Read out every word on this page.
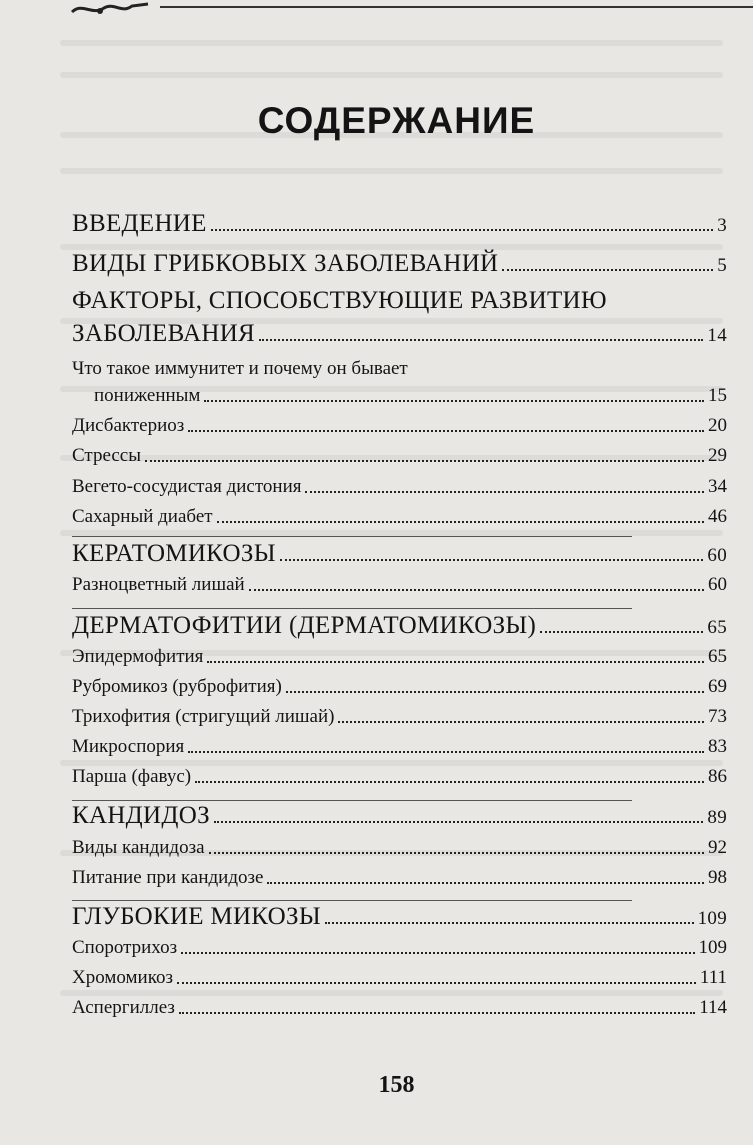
СОДЕРЖАНИЕ
ВВЕДЕНИЕ	3
ВИДЫ ГРИБКОВЫХ ЗАБОЛЕВАНИЙ	5
ФАКТОРЫ, СПОСОБСТВУЮЩИЕ РАЗВИТИЮ
ЗАБОЛЕВАНИЯ	14
Что такое иммунитет и почему он бывает
пониженным	15
Дисбактериоз	20
Стрессы	29
Вегето-сосудистая дистония	34
Сахарный диабет	46
КЕРАТОМИКОЗЫ	60
Разноцветный лишай	60
ДЕРМАТОФИТИИ (ДЕРМАТОМИКОЗЫ)	65
Эпидермофития	65
Рубромикоз (руброфития)	69
Трихофития (стригущий лишай)	73
Микроспория	83
Парша (фавус)	86
КАНДИДОЗ	89
Виды кандидоза	92
Питание при кандидозе	98
ГЛУБОКИЕ МИКОЗЫ	109
Споротрихоз	109
Хромомикоз	111
Аспергиллез	114
158
